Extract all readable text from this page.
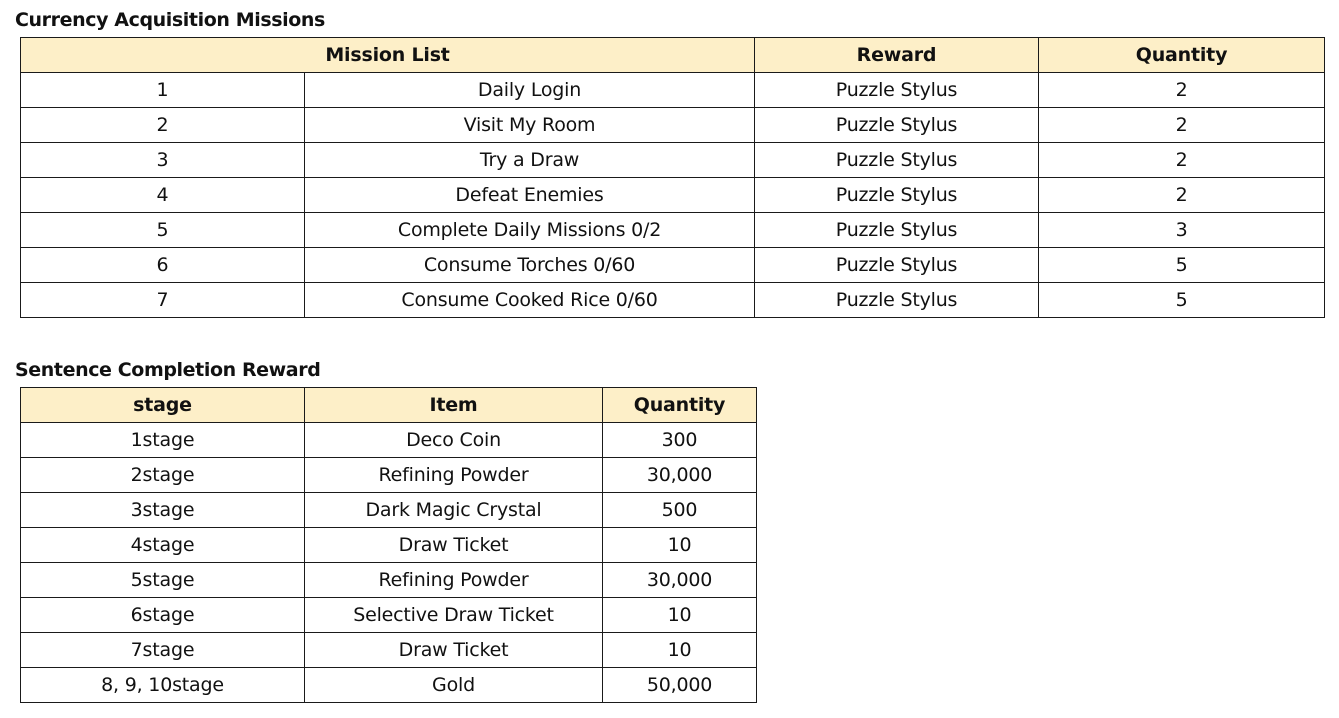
Currency Acquisition Missions
Mission List		Reward	Quantity
1	Daily Login	Puzzle Stylus	2
2	Visit My Room	Puzzle Stylus	2
3	Try a Draw	Puzzle Stylus	2
4	Defeat Enemies	Puzzle Stylus	2
5	Complete Daily Missions 0/2	Puzzle Stylus	3
6	Consume Torches 0/60	Puzzle Stylus	5
7	Consume Cooked Rice 0/60	Puzzle Stylus	5
Sentence Completion Reward
stage	Item	Quantity
1stage	Deco Coin	300
2stage	Refining Powder	30,000
3stage	Dark Magic Crystal	500
4stage	Draw Ticket	10
5stage	Refining Powder	30,000
6stage	Selective Draw Ticket	10
7stage	Draw Ticket	10
8, 9, 10stage	Gold	50,000
